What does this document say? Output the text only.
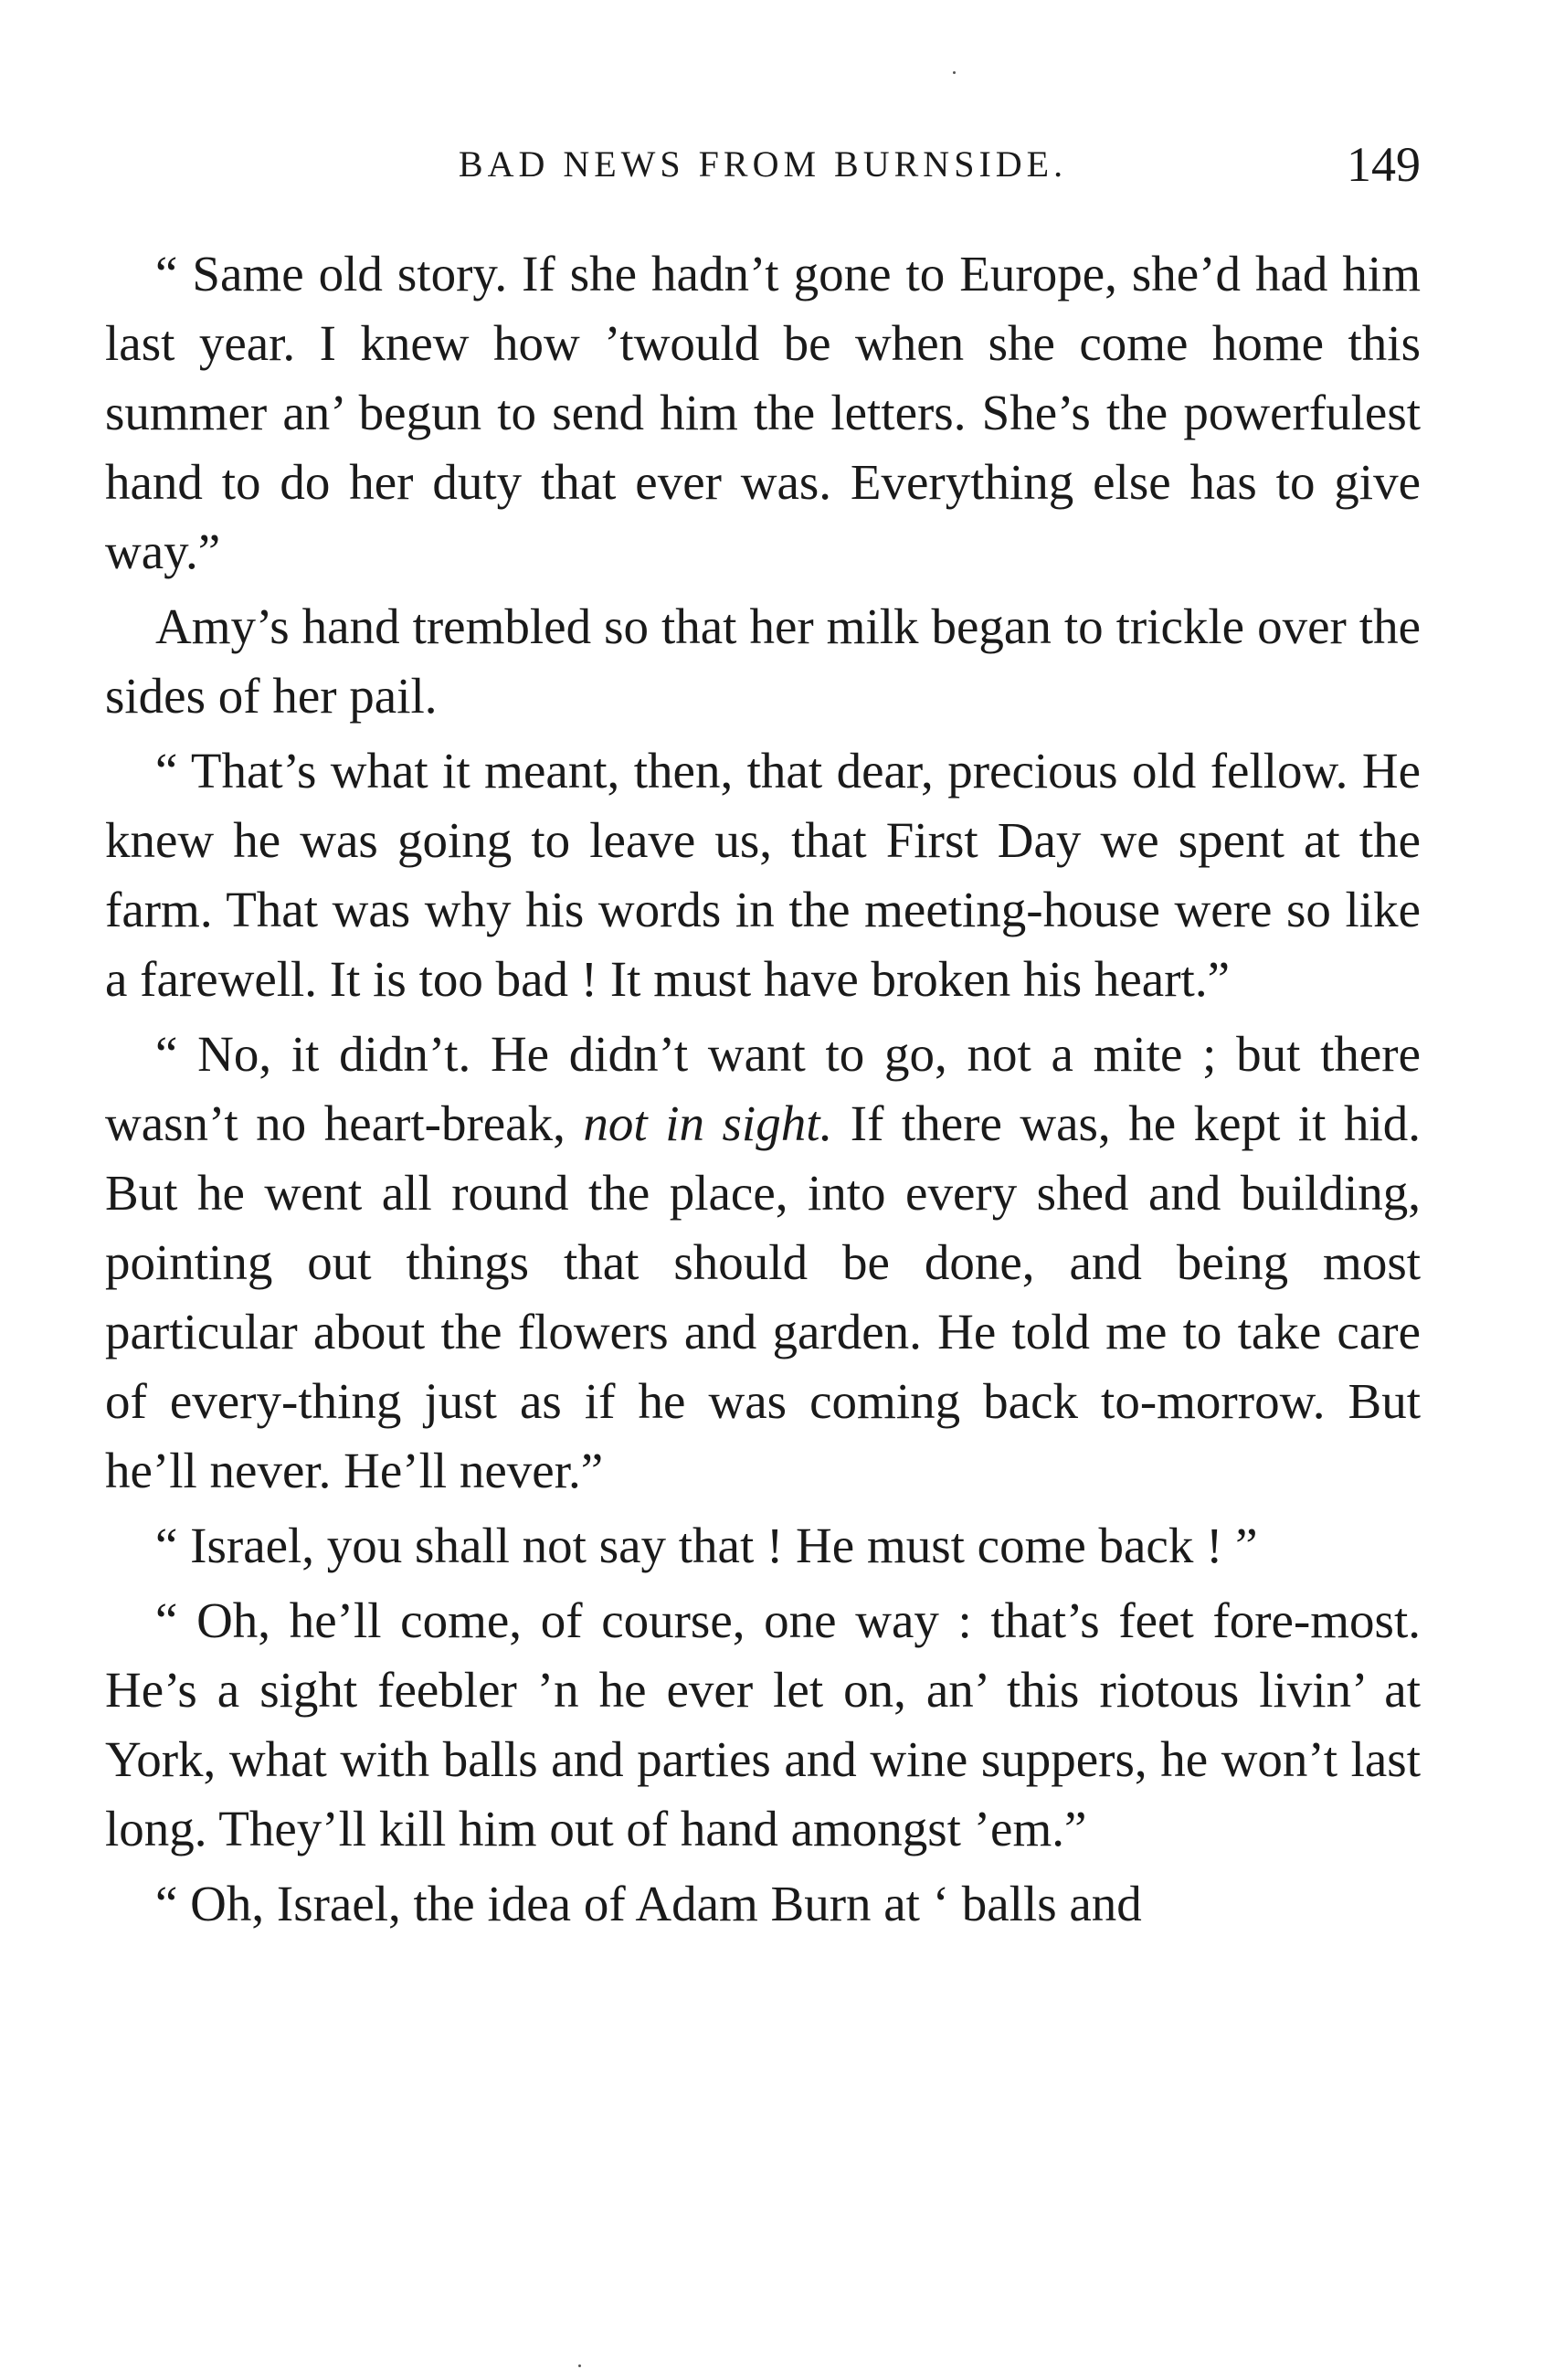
BAD NEWS FROM BURNSIDE.	149

“ Same old story. If she hadn’t gone to Europe, she’d had him last year. I knew how ’twould be when she come home this summer an’ begun to send him the letters. She’s the powerfulest hand to do her duty that ever was. Everything else has to give way.”

Amy’s hand trembled so that her milk began to trickle over the sides of her pail.

“ That’s what it meant, then, that dear, precious old fellow. He knew he was going to leave us, that First Day we spent at the farm. That was why his words in the meeting-house were so like a farewell. It is too bad ! It must have broken his heart.”

“ No, it didn’t. He didn’t want to go, not a mite ; but there wasn’t no heart-break, not in sight. If there was, he kept it hid. But he went all round the place, into every shed and building, pointing out things that should be done, and being most particular about the flowers and garden. He told me to take care of every-thing just as if he was coming back to-morrow. But he’ll never. He’ll never.”

“ Israel, you shall not say that ! He must come back ! ”

“ Oh, he’ll come, of course, one way : that’s feet fore-most. He’s a sight feebler ’n he ever let on, an’ this riotous livin’ at York, what with balls and parties and wine suppers, he won’t last long. They’ll kill him out of hand amongst ’em.”

“ Oh, Israel, the idea of Adam Burn at ‘ balls and
